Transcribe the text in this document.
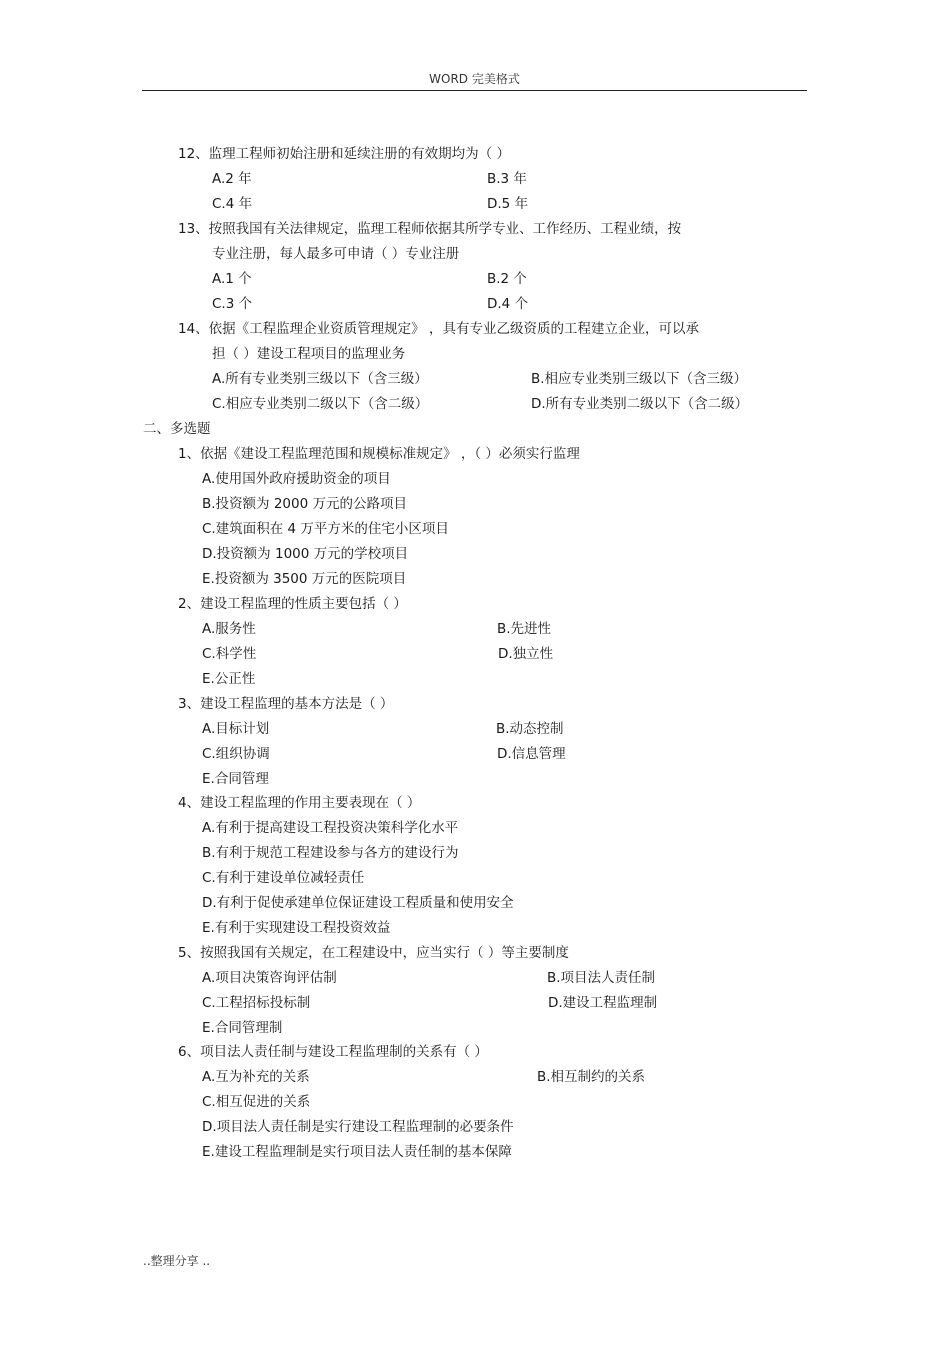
WORD 完美格式
12、监理工程师初始注册和延续注册的有效期均为（ ）
A.2 年	B.3 年
C.4 年	D.5 年
13、按照我国有关法律规定，监理工程师依据其所学专业、工作经历、工程业绩，按
专业注册，每人最多可申请（ ）专业注册
A.1 个	B.2 个
C.3 个	D.4 个
14、依据《工程监理企业资质管理规定》 ，具有专业乙级资质的工程建立企业，可以承
担（ ）建设工程项目的监理业务
A.所有专业类别三级以下（含三级）	B.相应专业类别三级以下（含三级）
C.相应专业类别二级以下（含二级）	D.所有专业类别二级以下（含二级）
二、多选题
1、依据《建设工程监理范围和规模标准规定》 ，（ ）必须实行监理
A.使用国外政府援助资金的项目
B.投资额为 2000 万元的公路项目
C.建筑面积在 4 万平方米的住宅小区项目
D.投资额为 1000 万元的学校项目
E.投资额为 3500 万元的医院项目
2、建设工程监理的性质主要包括（ ）
A.服务性	B.先进性
C.科学性	D.独立性
E.公正性
3、建设工程监理的基本方法是（ ）
A.目标计划	B.动态控制
C.组织协调	D.信息管理
E.合同管理
4、建设工程监理的作用主要表现在（ ）
A.有利于提高建设工程投资决策科学化水平
B.有利于规范工程建设参与各方的建设行为
C.有利于建设单位减轻责任
D.有利于促使承建单位保证建设工程质量和使用安全
E.有利于实现建设工程投资效益
5、按照我国有关规定，在工程建设中，应当实行（ ）等主要制度
A.项目决策咨询评估制	B.项目法人责任制
C.工程招标投标制	D.建设工程监理制
E.合同管理制
6、项目法人责任制与建设工程监理制的关系有（ ）
A.互为补充的关系	B.相互制约的关系
C.相互促进的关系
D.项目法人责任制是实行建设工程监理制的必要条件
E.建设工程监理制是实行项目法人责任制的基本保障
..整理分享 ..
